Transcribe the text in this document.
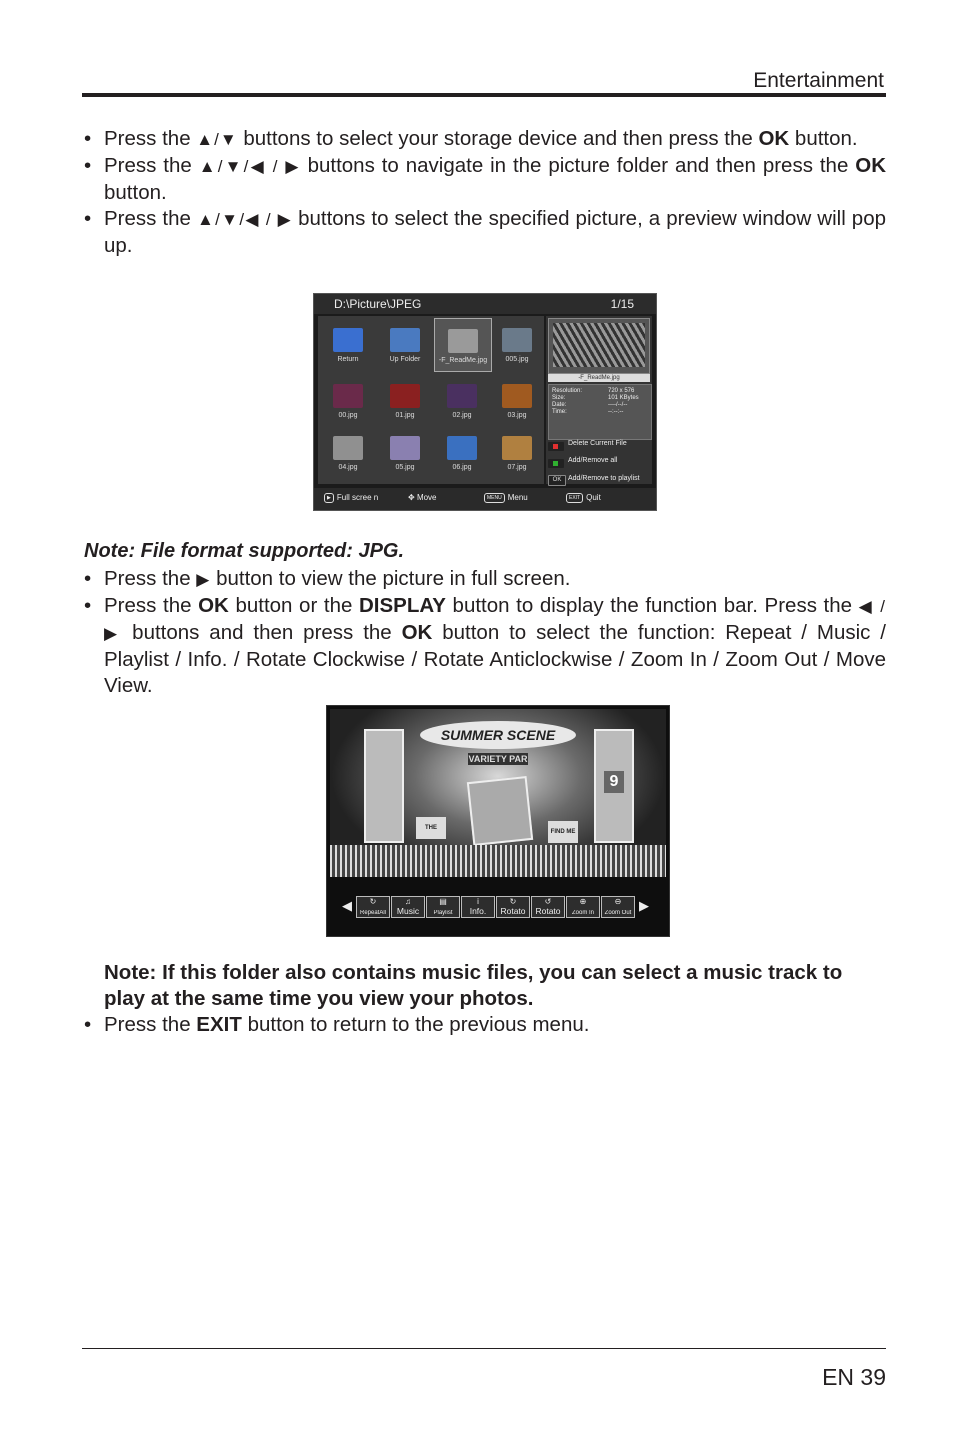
Entertainment
• Press the ▲/▼ buttons to select your storage device and then press the OK button.
• Press the ▲/▼/◀ / ▶ buttons to navigate in the picture folder and then press the OK button.
• Press the ▲/▼/◀ / ▶ buttons to select the specified picture, a preview window will pop up.
D:\Picture\JPEG	1/15
Return	Up Folder	-F_ReadMe.jpg	005.jpg
00.jpg	01.jpg	02.jpg	03.jpg
04.jpg	05.jpg	06.jpg	07.jpg
-F_ReadMe.jpg
Resolution:	720 x 576
Size:	101 KBytes
Date:	----/--/--
Time:	--:--:--
Delete Current File
Add/Remove all
OK Add/Remove to playlist
▶ Full scree n	✥ Move	MENU Menu	EXIT Quit
Note: File format supported: JPG.
• Press the ▶ button to view the picture in full screen.
• Press the OK button or the DISPLAY button to display the function bar. Press the ◀ / ▶ buttons and then press the OK button to select the function: Repeat / Music / Playlist / Info. / Rotate Clockwise / Rotate Anticlockwise / Zoom In / Zoom Out / Move View.
SUMMER SCENE
VARIETY PAR
9
THE
FIND ME
◀ ↻
RepeatAll
♫
Music
▤
Playlist
i
Info.
↻
Rotato
↺
Rotato
⊕
Zoom In
⊖
Zoom Out ▶
Note: If this folder also contains music files, you can select a music track to play at the same time you view your photos.
• Press the EXIT button to return to the previous menu.
EN 39
